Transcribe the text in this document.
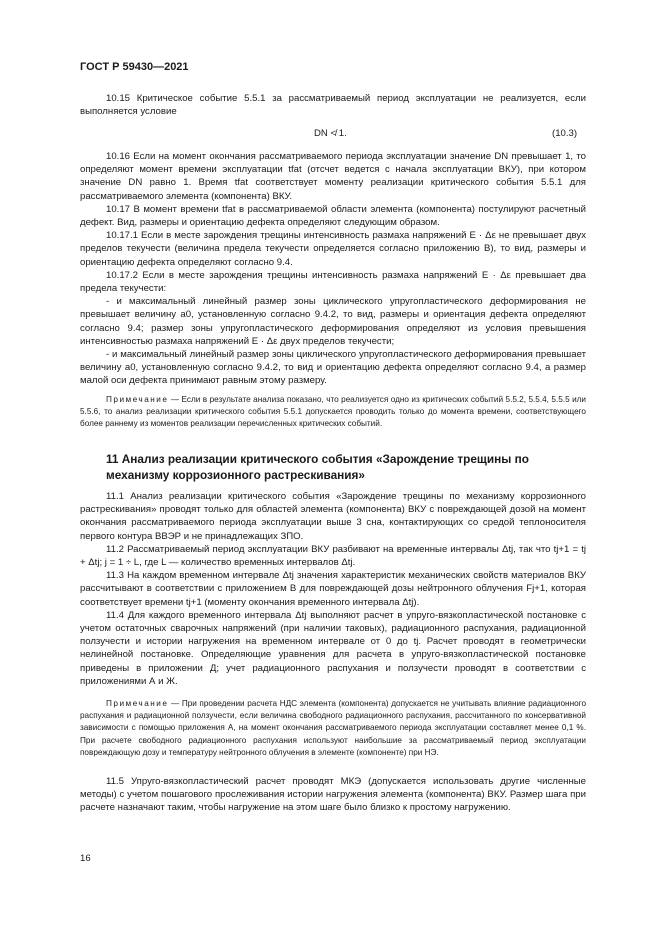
ГОСТ Р 59430—2021

10.15 Критическое событие 5.5.1 за рассматриваемый период эксплуатации не реализуется, если выполняется условие

DN ≮ 1.	(10.3)

10.16 Если на момент окончания рассматриваемого периода эксплуатации значение DN превышает 1, то определяют момент времени эксплуатации tfat (отсчет ведется с начала эксплуатации ВКУ), при котором значение DN равно 1. Время tfat соответствует моменту реализации критического события 5.5.1 для рассматриваемого элемента (компонента) ВКУ.

10.17 В момент времени tfat в рассматриваемой области элемента (компонента) постулируют расчетный дефект. Вид, размеры и ориентацию дефекта определяют следующим образом.

10.17.1 Если в месте зарождения трещины интенсивность размаха напряжений E · Δε не превышает двух пределов текучести (величина предела текучести определяется согласно приложению В), то вид, размеры и ориентацию дефекта определяют согласно 9.4.

10.17.2 Если в месте зарождения трещины интенсивность размаха напряжений E · Δε превышает два предела текучести:

- и максимальный линейный размер зоны циклического упругопластического деформирования не превышает величину a0, установленную согласно 9.4.2, то вид, размеры и ориентация дефекта определяют согласно 9.4; размер зоны упругопластического деформирования определяют из условия превышения интенсивностью размаха напряжений E · Δε двух пределов текучести;

- и максимальный линейный размер зоны циклического упругопластического деформирования превышает величину a0, установленную согласно 9.4.2, то вид и ориентацию дефекта определяют согласно 9.4, а размер малой оси дефекта принимают равным этому размеру.

Примечание — Если в результате анализа показано, что реализуется одно из критических событий 5.5.2, 5.5.4, 5.5.5 или 5.5.6, то анализ реализации критического события 5.5.1 допускается проводить только до момента времени, соответствующего более раннему из моментов реализации перечисленных критических событий.

11 Анализ реализации критического события «Зарождение трещины по механизму коррозионного растрескивания»

11.1 Анализ реализации критического события «Зарождение трещины по механизму коррозионного растрескивания» проводят только для областей элемента (компонента) ВКУ с повреждающей дозой на момент окончания рассматриваемого периода эксплуатации выше 3 сна, контактирующих со средой теплоносителя первого контура ВВЭР и не принадлежащих ЗПО.

11.2 Рассматриваемый период эксплуатации ВКУ разбивают на временные интервалы Δtj, так что tj+1 = tj + Δtj; j = 1 ÷ L, где L — количество временных интервалов Δtj.

11.3 На каждом временном интервале Δtj значения характеристик механических свойств материалов ВКУ рассчитывают в соответствии с приложением В для повреждающей дозы нейтронного облучения Fj+1, которая соответствует времени tj+1 (моменту окончания временного интервала Δtj).

11.4 Для каждого временного интервала Δtj выполняют расчет в упруго-вязкопластической постановке с учетом остаточных сварочных напряжений (при наличии таковых), радиационного распухания, радиационной ползучести и истории нагружения на временном интервале от 0 до tj. Расчет проводят в геометрически нелинейной постановке. Определяющие уравнения для расчета в упруго-вязкопластической постановке приведены в приложении Д; учет радиационного распухания и ползучести проводят в соответствии с приложениями А и Ж.

Примечание — При проведении расчета НДС элемента (компонента) допускается не учитывать влияние радиационного распухания и радиационной ползучести, если величина свободного радиационного распухания, рассчитанного по консервативной зависимости с помощью приложения А, на момент окончания рассматриваемого периода эксплуатации составляет менее 0,1 %. При расчете свободного радиационного распухания используют наибольшие за рассматриваемый период эксплуатации повреждающую дозу и температуру нейтронного облучения в элементе (компоненте) при НЭ.

11.5 Упруго-вязкопластический расчет проводят МКЭ (допускается использовать другие численные методы) с учетом пошагового прослеживания истории нагружения элемента (компонента) ВКУ. Размер шага при расчете назначают таким, чтобы нагружение на этом шаге было близко к простому нагружению.

16
